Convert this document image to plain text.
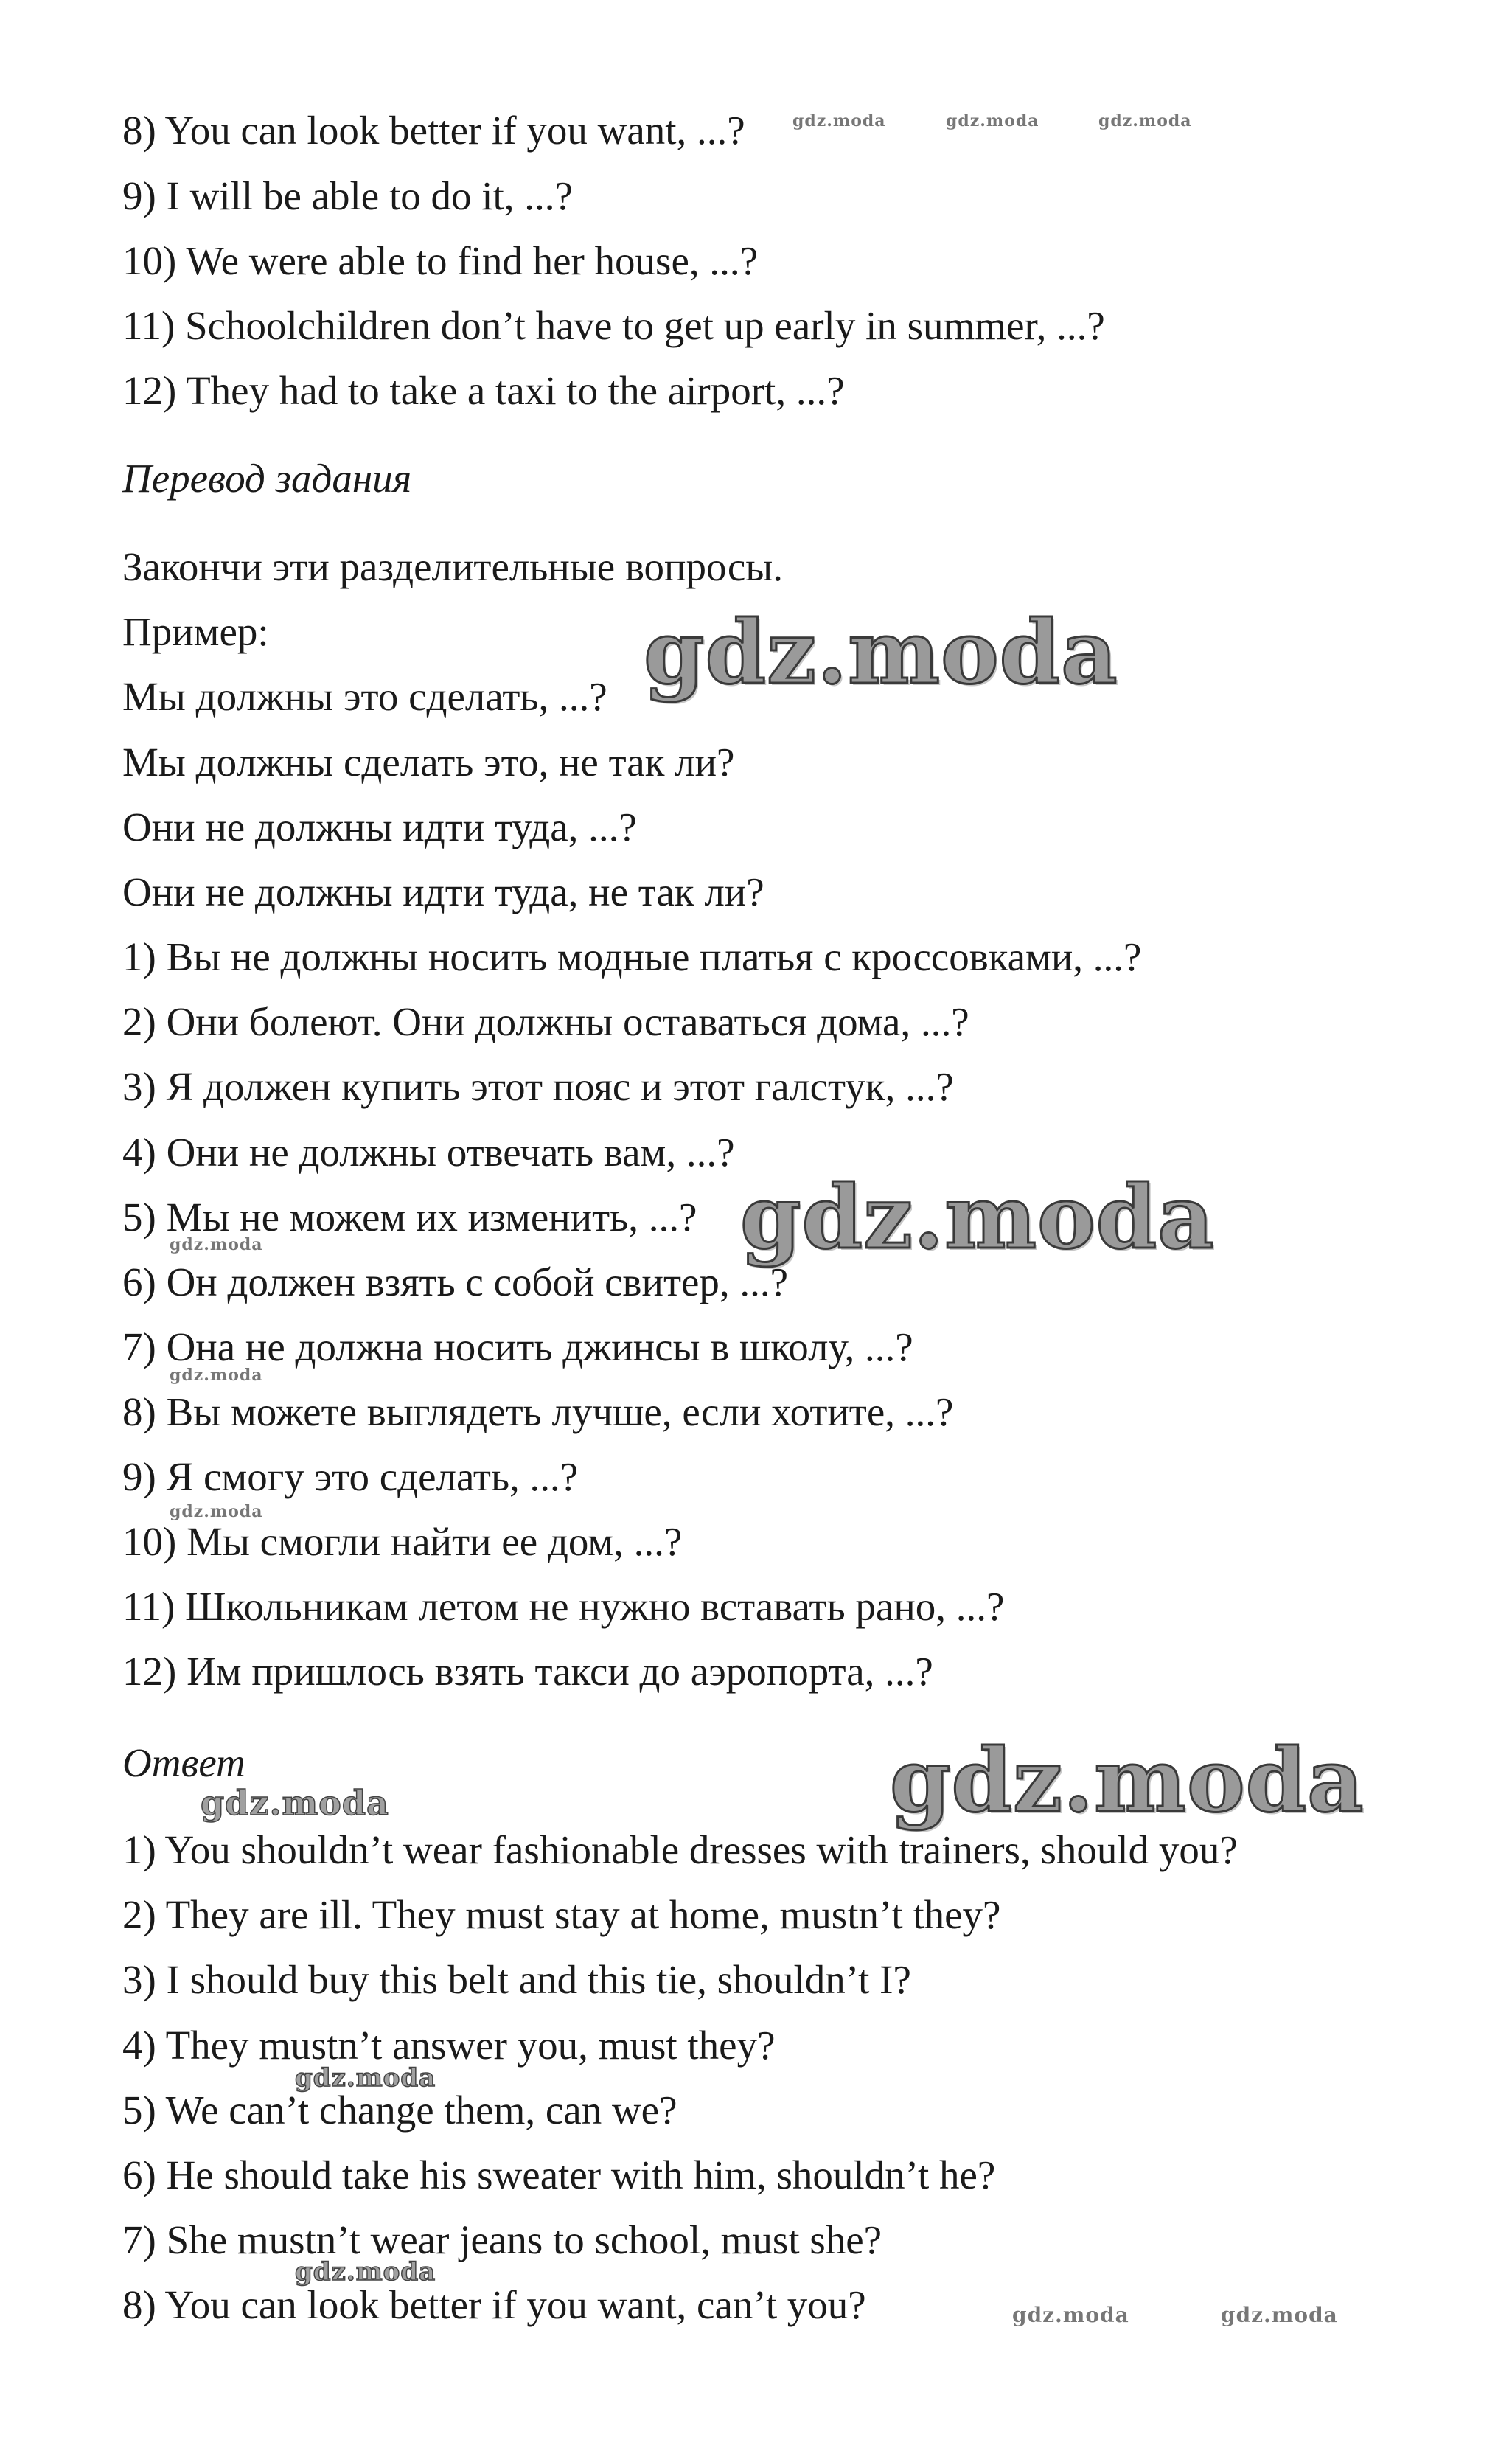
8) You can look better if you want, ...?

9) I will be able to do it, ...?

10) We were able to find her house, ...?

11) Schoolchildren don’t have to get up early in summer, ...?

12) They had to take a taxi to the airport, ...?

Перевод задания

Закончи эти разделительные вопросы.

Пример:

Мы должны это сделать, ...?

Мы должны сделать это, не так ли?

Они не должны идти туда, ...?

Они не должны идти туда, не так ли?

1) Вы не должны носить модные платья с кроссовками, ...?

2) Они болеют. Они должны оставаться дома, ...?

3) Я должен купить этот пояс и этот галстук, ...?

4) Они не должны отвечать вам, ...?

5) Мы не можем их изменить, ...?

6) Он должен взять с собой свитер, ...?

7) Она не должна носить джинсы в школу, ...?

8) Вы можете выглядеть лучше, если хотите, ...?

9) Я смогу это сделать, ...?

10) Мы смогли найти ее дом, ...?

11) Школьникам летом не нужно вставать рано, ...?

12) Им пришлось взять такси до аэропорта, ...?

Ответ

1) You shouldn’t wear fashionable dresses with trainers, should you?

2) They are ill. They must stay at home, mustn’t they?

3) I should buy this belt and this tie, shouldn’t I?

4) They mustn’t answer you, must they?

5) We can’t change them, can we?

6) He should take his sweater with him, shouldn’t he?

7) She mustn’t wear jeans to school, must she?

8) You can look better if you want, can’t you?

gdz.moda	gdz.moda	gdz.moda
gdz.moda
gdz.moda
gdz.moda
gdz.moda
gdz.moda
gdz.moda
gdz.moda
gdz.moda
gdz.moda
gdz.moda	gdz.moda
